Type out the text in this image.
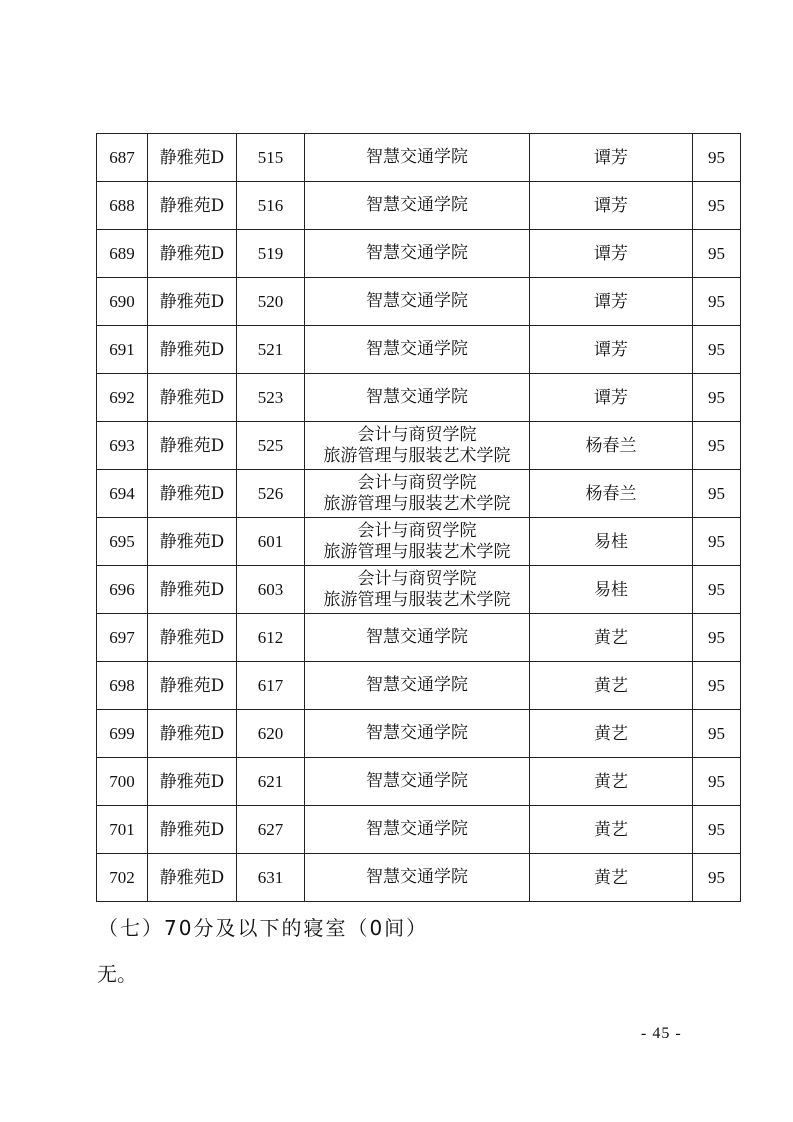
687	静雅苑D	515	智慧交通学院	谭芳	95
688	静雅苑D	516	智慧交通学院	谭芳	95
689	静雅苑D	519	智慧交通学院	谭芳	95
690	静雅苑D	520	智慧交通学院	谭芳	95
691	静雅苑D	521	智慧交通学院	谭芳	95
692	静雅苑D	523	智慧交通学院	谭芳	95
693	静雅苑D	525	会计与商贸学院
旅游管理与服装艺术学院	杨春兰	95
694	静雅苑D	526	会计与商贸学院
旅游管理与服装艺术学院	杨春兰	95
695	静雅苑D	601	会计与商贸学院
旅游管理与服装艺术学院	易桂	95
696	静雅苑D	603	会计与商贸学院
旅游管理与服装艺术学院	易桂	95
697	静雅苑D	612	智慧交通学院	黄艺	95
698	静雅苑D	617	智慧交通学院	黄艺	95
699	静雅苑D	620	智慧交通学院	黄艺	95
700	静雅苑D	621	智慧交通学院	黄艺	95
701	静雅苑D	627	智慧交通学院	黄艺	95
702	静雅苑D	631	智慧交通学院	黄艺	95
（七）70分及以下的寝室（0间）
无。
- 45 -
